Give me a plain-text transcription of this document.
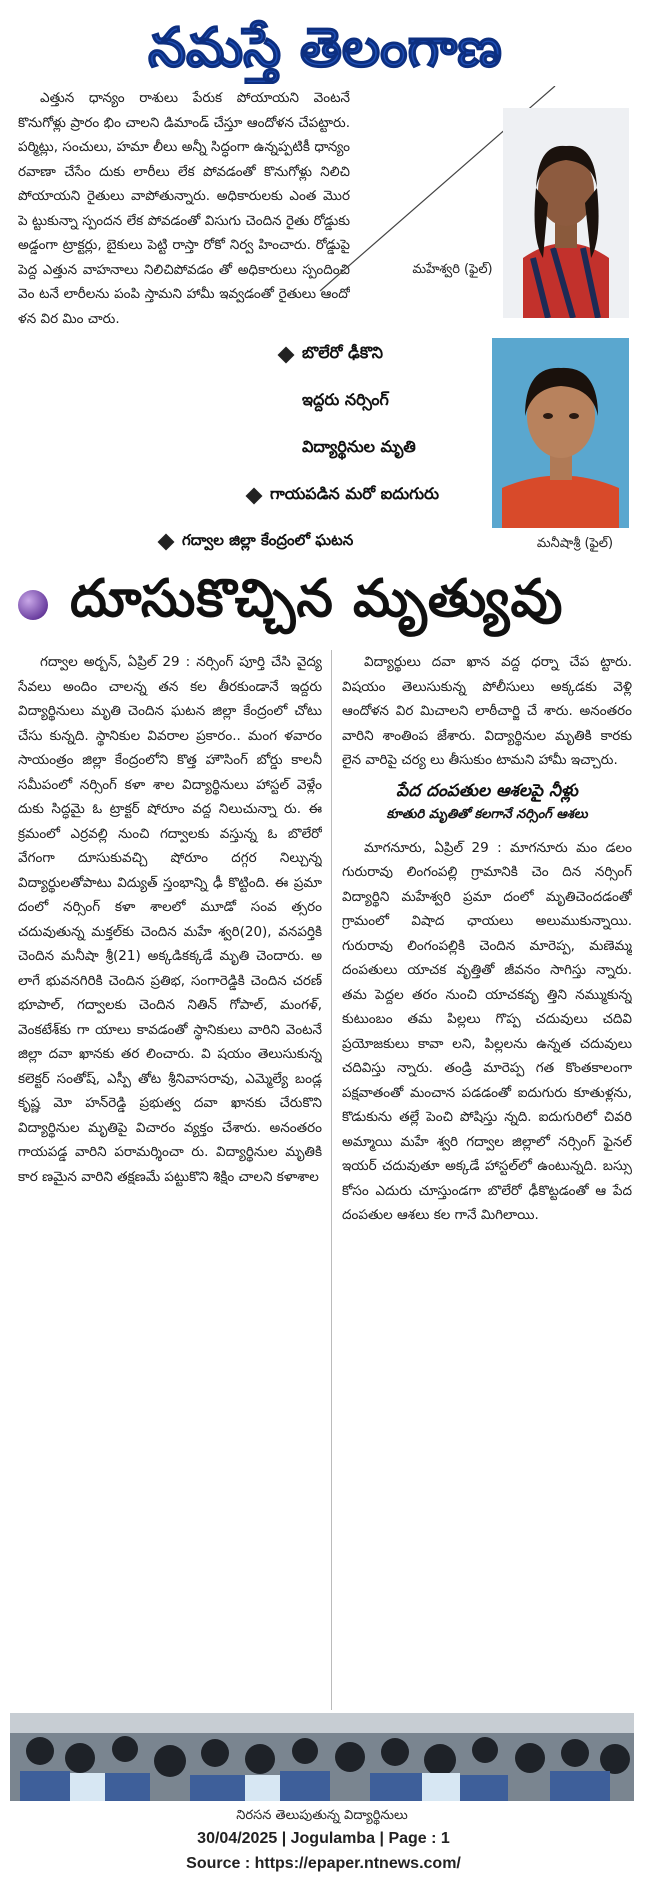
నమస్తే తెలంగాణ

ఎత్తున ధాన్యం రాశులు పేరుక పోయాయని వెంటనే కొనుగోళ్లు ప్రారం భిం చాలని డిమాండ్ చేస్తూ ఆందోళన చేపట్టారు. పర్మిట్లు, సంచులు, హమా లీలు అన్నీ సిద్ధంగా ఉన్నప్పటికీ ధాన్యం రవాణా చేసేం దుకు లారీలు లేక పోవడంతో కొనుగోళ్లు నిలిచి పోయాయని రైతులు వాపోతున్నారు. అధికారులకు ఎంత మొర పె ట్టుకున్నా స్పందన లేక పోవడంతో విసుగు చెందిన రైతు రోడ్డుకు అడ్డంగా ట్రాక్టర్లు, బైకులు పెట్టి రాస్తా రోకో నిర్వ హించారు. రోడ్డుపై పెద్ద ఎత్తున వాహనాలు నిలిచిపోవడం తో అధికారులు స్పందించి వెం టనే లారీలను పంపి స్తామని హామీ ఇవ్వడంతో రైతులు ఆందో ళన విర మిం చారు.

మహేశ్వరి (ఫైల్)
మనీషాశ్రీ (ఫైల్)
బొలేరో ఢీకొని
ఇద్దరు నర్సింగ్
విద్యార్థినుల మృతి
గాయపడిన మరో ఐదుగురు
గద్వాల జిల్లా కేంద్రంలో ఘటన
దూసుకొచ్చిన మృత్యువు

గద్వాల అర్బన్, ఏప్రిల్ 29 : నర్సింగ్ పూర్తి చేసి వైద్య సేవలు అందిం చాలన్న తన కల తీరకుండానే ఇద్దరు విద్యార్థినులు మృతి చెందిన ఘటన జిల్లా కేంద్రంలో చోటు చేసు కున్నది. స్థానికుల వివరాల ప్రకారం.. మంగ ళవారం సాయంత్రం జిల్లా కేంద్రంలోని కొత్త హౌసింగ్ బోర్డు కాలనీ సమీపంలో నర్సింగ్ కళా శాల విద్యార్థినులు హాస్టల్ వెళ్లేం దుకు సిద్ధమై ఓ ట్రాక్టర్ షోరూం వద్ద నిలుచున్నా రు. ఈ క్రమంలో ఎర్రవల్లి నుంచి గద్వాలకు వస్తున్న ఓ బొలేరో వేగంగా దూసుకువచ్చి షోరూం దగ్గర నిల్చున్న విద్యార్థులతోపాటు విద్యుత్ స్తంభాన్ని ఢీ కొట్టింది. ఈ ప్రమా దంలో నర్సింగ్ కళా శాలలో మూడో సంవ త్సరం చదువుతున్న మక్తల్‌కు చెందిన మహే శ్వరి(20), వనపర్తికి చెందిన మనీషా శ్రీ(21) అక్కడికక్కడే మృతి చెందారు. అ లాగే భువనగిరికి చెందిన ప్రతిభ, సంగారెడ్డికి చెందిన చరణ్ భూపాల్, గద్వాలకు చెందిన నితిన్ గోపాల్, మంగళ్, వెంకటేశ్‌కు గా యాలు కావడంతో స్థానికులు వారిని వెంటనే జిల్లా దవా ఖానకు తర లించారు. వి షయం తెలుసుకున్న కలెక్టర్ సంతోష్, ఎస్పీ తోట శ్రీనివాసరావు, ఎమ్మెల్యే బండ్ల కృష్ణ మో హన్‌రెడ్డి ప్రభుత్వ దవా ఖానకు చేరుకొని విద్యార్థినుల మృతిపై విచారం వ్యక్తం చేశారు. అనంతరం గాయపడ్డ వారిని పరామర్శించా రు. విద్యార్థినుల మృతికి కార ణమైన వారిని తక్షణమే పట్టుకొని శిక్షిం చాలని కళాశాల

విద్యార్థులు దవా ఖాన వద్ద ధర్నా చేప ట్టారు. విషయం తెలుసుకున్న పోలీసులు అక్కడకు వెళ్లి ఆందోళన విర మిచాలని లాఠీచార్జి చే శారు. అనంతరం వారిని శాంతింప జేశారు. విద్యార్థినుల మృతికి కారకు లైన వారిపై చర్య లు తీసుకుం టామని హామీ ఇచ్చారు.

పేద దంపతుల ఆశలపై నీళ్లు
కూతురి మృతితో కలగానే నర్సింగ్ ఆశలు

మాగనూరు, ఏప్రిల్ 29 : మాగనూరు మం డలం గురురావు లింగంపల్లి గ్రామానికి చెం దిన నర్సింగ్ విద్యార్థిని మహేశ్వరి ప్రమా దంలో మృతిచెందడంతో గ్రామంలో విషాద ఛాయలు అలుముకున్నాయి. గురురావు లింగంపల్లికి చెందిన మారెప్ప, మణెమ్మ దంపతులు యాచక వృత్తితో జీవనం సాగిస్తు న్నారు. తమ పెద్దల తరం నుంచి యాచకవృ త్తిని నమ్ముకున్న కుటుంబం తమ పిల్లలు గొప్ప చదువులు చదివి ప్రయోజకులు కావా లని, పిల్లలను ఉన్నత చదువులు చదివిస్తు న్నారు. తండ్రి మారెప్ప గత కొంతకాలంగా పక్షవాతంతో మంచాన పడడంతో ఐదుగురు కూతుళ్లను, కొడుకును తల్లే పెంచి పోషిస్తు న్నది. ఐదుగురిలో చివరి అమ్మాయి మహే శ్వరి గద్వాల జిల్లాలో నర్సింగ్ ఫైనల్ ఇయర్ చదువుతూ అక్కడే హాస్టల్‌లో ఉంటున్నది. బస్సు కోసం ఎదురు చూస్తుండగా బొలేరో ఢీకొట్టడంతో ఆ పేద దంపతుల ఆశలు కల గానే మిగిలాయి.

నిరసన తెలుపుతున్న విద్యార్థినులు
30/04/2025 | Jogulamba | Page : 1
Source : https://epaper.ntnews.com/
